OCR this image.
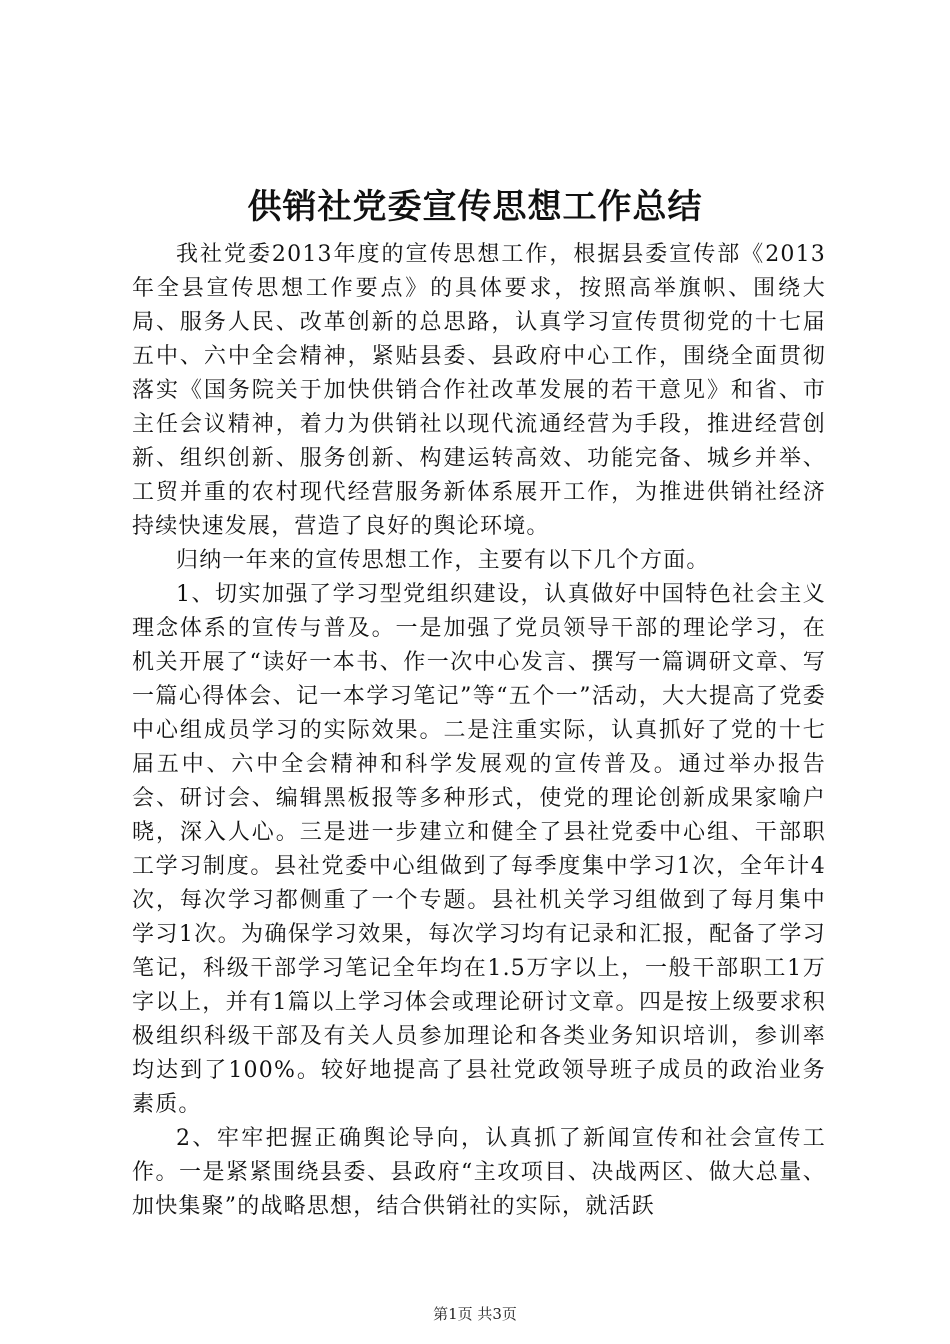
供销社党委宣传思想工作总结

我社党委2013年度的宣传思想工作，根据县委宣传部《2013年全县宣传思想工作要点》的具体要求，按照高举旗帜、围绕大局、服务人民、改革创新的总思路，认真学习宣传贯彻党的十七届五中、六中全会精神，紧贴县委、县政府中心工作，围绕全面贯彻落实《国务院关于加快供销合作社改革发展的若干意见》和省、市主任会议精神，着力为供销社以现代流通经营为手段，推进经营创新、组织创新、服务创新、构建运转高效、功能完备、城乡并举、工贸并重的农村现代经营服务新体系展开工作，为推进供销社经济持续快速发展，营造了良好的舆论环境。

归纳一年来的宣传思想工作，主要有以下几个方面。

1、切实加强了学习型党组织建设，认真做好中国特色社会主义理念体系的宣传与普及。一是加强了党员领导干部的理论学习，在机关开展了“读好一本书、作一次中心发言、撰写一篇调研文章、写一篇心得体会、记一本学习笔记”等“五个一”活动，大大提高了党委中心组成员学习的实际效果。二是注重实际，认真抓好了党的十七届五中、六中全会精神和科学发展观的宣传普及。通过举办报告会、研讨会、编辑黑板报等多种形式，使党的理论创新成果家喻户晓，深入人心。三是进一步建立和健全了县社党委中心组、干部职工学习制度。县社党委中心组做到了每季度集中学习1次，全年计4次，每次学习都侧重了一个专题。县社机关学习组做到了每月集中学习1次。为确保学习效果，每次学习均有记录和汇报，配备了学习笔记，科级干部学习笔记全年均在1.5万字以上，一般干部职工1万字以上，并有1篇以上学习体会或理论研讨文章。四是按上级要求积极组织科级干部及有关人员参加理论和各类业务知识培训，参训率均达到了100%。较好地提高了县社党政领导班子成员的政治业务素质。

2、牢牢把握正确舆论导向，认真抓了新闻宣传和社会宣传工作。一是紧紧围绕县委、县政府“主攻项目、决战两区、做大总量、加快集聚”的战略思想，结合供销社的实际，就活跃

第1页 共3页
